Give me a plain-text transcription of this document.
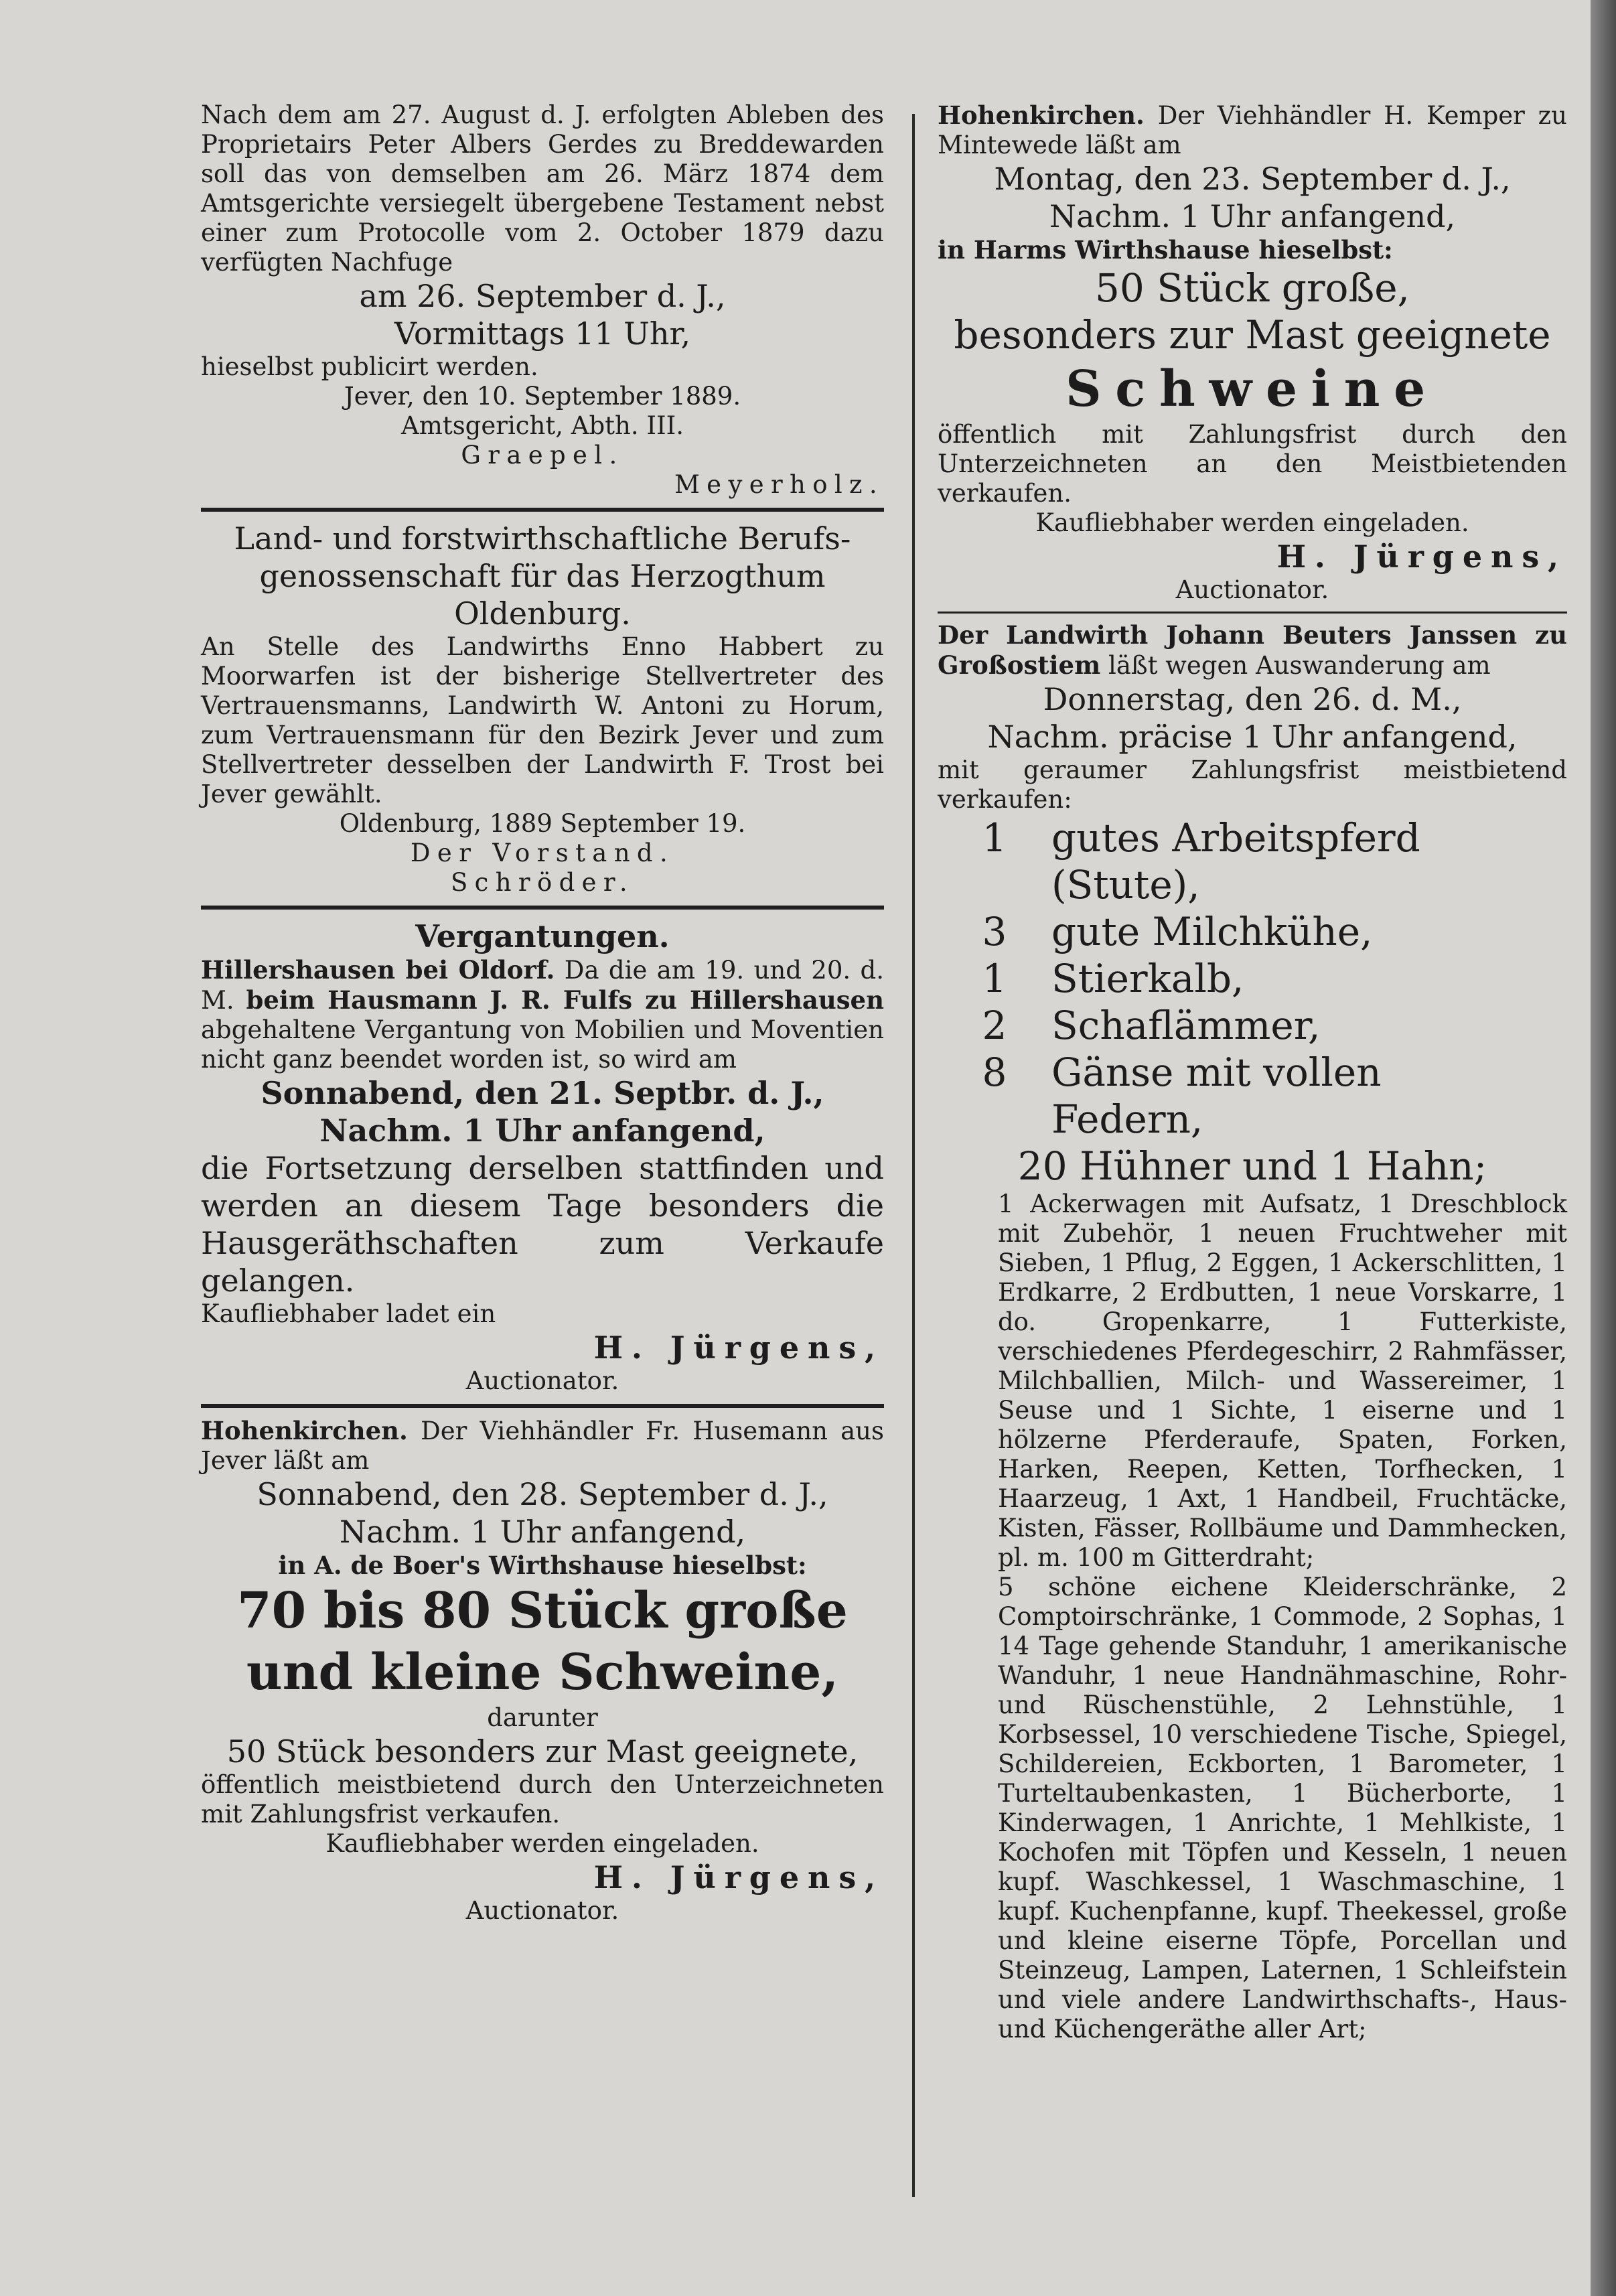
Nach dem am 27. August d. J. erfolgten Ableben des Proprietairs Peter Albers Gerdes zu Breddewarden soll das von demselben am 26. März 1874 dem Amtsgerichte versiegelt übergebene Testament nebst einer zum Protocolle vom 2. October 1879 dazu verfügten Nachfuge

am 26. September d. J.,

Vormittags 11 Uhr,

hieselbst publicirt werden.

Jever, den 10. September 1889.

Amtsgericht, Abth. III.

Graepel.

Meyerholz.

Land- und forstwirthschaftliche Berufs-

genossenschaft für das Herzogthum

Oldenburg.

An Stelle des Landwirths Enno Habbert zu Moorwarfen ist der bisherige Stellvertreter des Vertrauensmanns, Landwirth W. Antoni zu Horum, zum Vertrauensmann für den Bezirk Jever und zum Stellvertreter desselben der Landwirth F. Trost bei Jever gewählt.

Oldenburg, 1889 September 19.

Der Vorstand.

Schröder.

Vergantungen.

Hillershausen bei Oldorf. Da die am 19. und 20. d. M. beim Hausmann J. R. Fulfs zu Hillershausen abgehaltene Vergantung von Mobilien und Moventien nicht ganz beendet worden ist, so wird am

Sonnabend, den 21. Septbr. d. J.,

Nachm. 1 Uhr anfangend,

die Fortsetzung derselben stattfinden und werden an diesem Tage besonders die Hausgeräthschaften zum Verkaufe gelangen.

Kaufliebhaber ladet ein

H. Jürgens,

Auctionator.

Hohenkirchen. Der Viehhändler Fr. Husemann aus Jever läßt am

Sonnabend, den 28. September d. J.,

Nachm. 1 Uhr anfangend,

in A. de Boer's Wirthshause hieselbst:

70 bis 80 Stück große

und kleine Schweine,

darunter

50 Stück besonders zur Mast geeignete,

öffentlich meistbietend durch den Unterzeichneten mit Zahlungsfrist verkaufen.

Kaufliebhaber werden eingeladen.

H. Jürgens,

Auctionator.

Hohenkirchen. Der Viehhändler H. Kemper zu Mintewede läßt am

Montag, den 23. September d. J.,

Nachm. 1 Uhr anfangend,

in Harms Wirthshause hieselbst:

50 Stück große,

besonders zur Mast geeignete

Schweine

öffentlich mit Zahlungsfrist durch den Unterzeichneten an den Meistbietenden verkaufen.

Kaufliebhaber werden eingeladen.

H. Jürgens,

Auctionator.

Der Landwirth Johann Beuters Janssen zu Großostiem läßt wegen Auswanderung am

Donnerstag, den 26. d. M.,

Nachm. präcise 1 Uhr anfangend,

mit geraumer Zahlungsfrist meistbietend verkaufen:

1	gutes Arbeitspferd
(Stute),
3	gute Milchkühe,
1	Stierkalb,
2	Schaflämmer,
8	Gänse mit vollen
Federn,

20 Hühner und 1 Hahn;

1 Ackerwagen mit Aufsatz, 1 Dreschblock mit Zubehör, 1 neuen Fruchtweher mit Sieben, 1 Pflug, 2 Eggen, 1 Ackerschlitten, 1 Erdkarre, 2 Erdbutten, 1 neue Vorskarre, 1 do. Gropenkarre, 1 Futterkiste, verschiedenes Pferdegeschirr, 2 Rahmfässer, Milchballien, Milch- und Wassereimer, 1 Seuse und 1 Sichte, 1 eiserne und 1 hölzerne Pferderaufe, Spaten, Forken, Harken, Reepen, Ketten, Torfhecken, 1 Haarzeug, 1 Axt, 1 Handbeil, Fruchtäcke, Kisten, Fässer, Rollbäume und Dammhecken, pl. m. 100 m Gitterdraht;

5 schöne eichene Kleiderschränke, 2 Comptoirschränke, 1 Commode, 2 Sophas, 1 14 Tage gehende Standuhr, 1 amerikanische Wanduhr, 1 neue Handnähmaschine, Rohr- und Rüschenstühle, 2 Lehnstühle, 1 Korbsessel, 10 verschiedene Tische, Spiegel, Schildereien, Eckborten, 1 Barometer, 1 Turteltaubenkasten, 1 Bücherborte, 1 Kinderwagen, 1 Anrichte, 1 Mehlkiste, 1 Kochofen mit Töpfen und Kesseln, 1 neuen kupf. Waschkessel, 1 Waschmaschine, 1 kupf. Kuchenpfanne, kupf. Theekessel, große und kleine eiserne Töpfe, Porcellan und Steinzeug, Lampen, Laternen, 1 Schleifstein und viele andere Landwirthschafts-, Haus- und Küchengeräthe aller Art;
